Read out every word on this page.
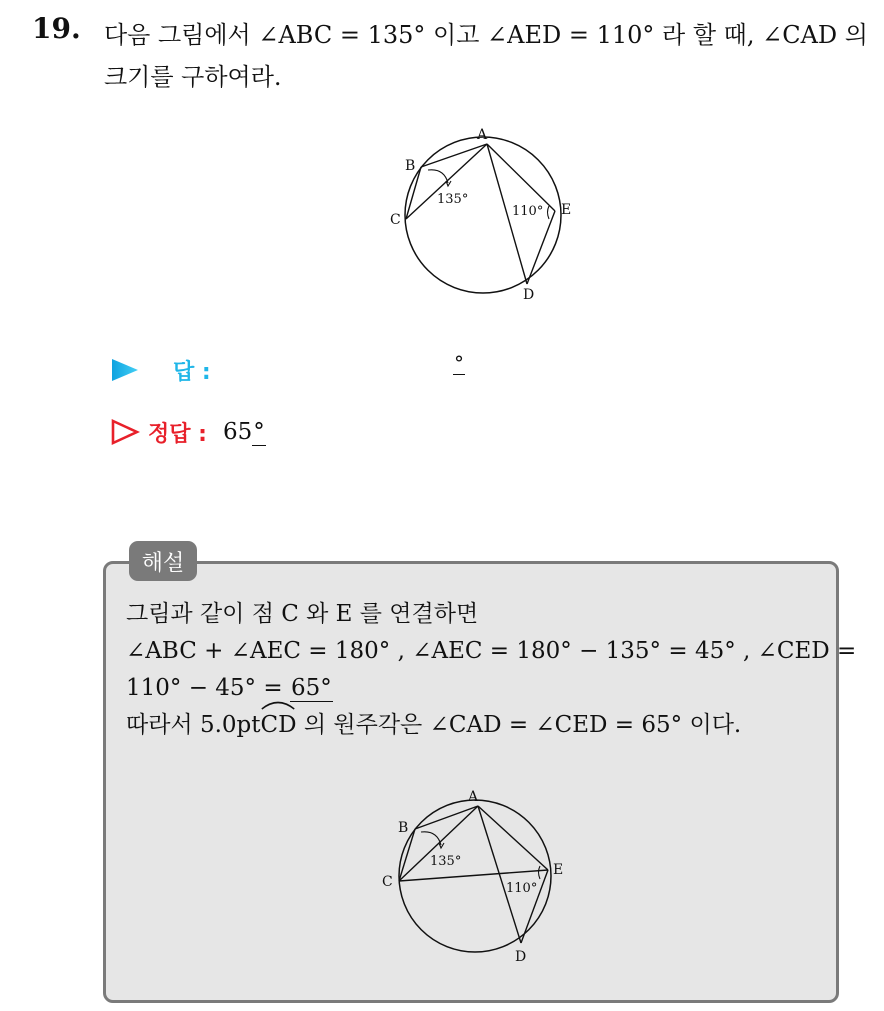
19. 다음 그림에서 ∠ABC = 135° 이고 ∠AED = 110° 라 할 때, ∠CAD 의
크기를 구하여라.
A
B
C
D
E
135°
110°
답 :	°
정답 : 65°
해설
그림과 같이 점 C 와 E 를 연결하면
∠ABC + ∠AEC = 180° , ∠AEC = 180° − 135° = 45° , ∠CED =
110° − 45° = 65°
따라서 5.0pt
CD 의 원주각은 ∠CAD = ∠CED = 65° 이다.
A
B
C
D
E
135°
110°
